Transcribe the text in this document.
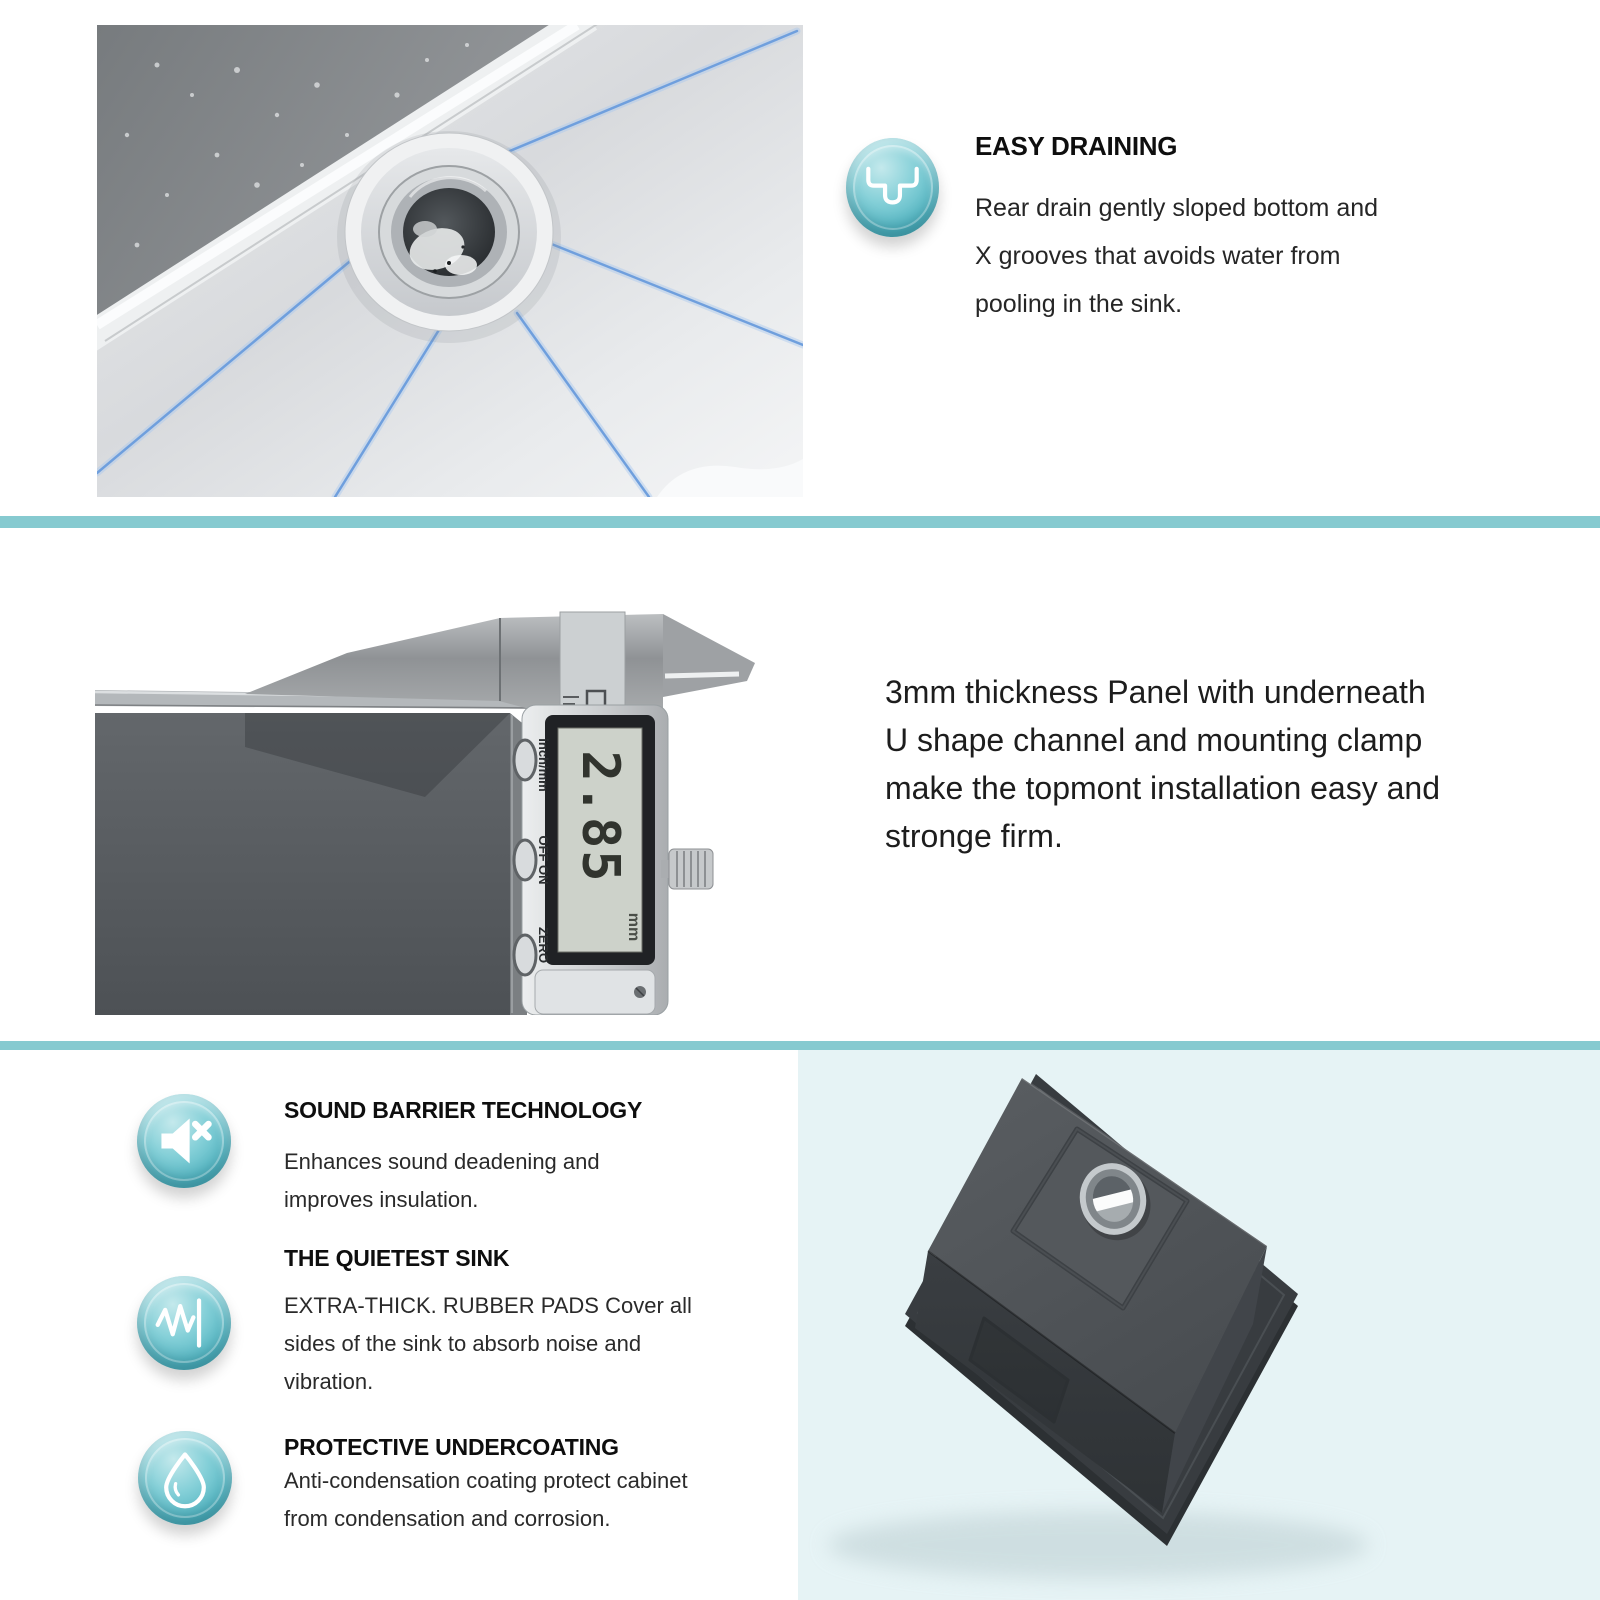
EASY DRAINING
Rear drain gently sloped bottom and
X grooves that avoids water from
pooling in the sink.
2.85
mm
inch/mm
OFF ON
ZERO
3mm thickness Panel with underneath
U shape channel and mounting clamp
make the topmont installation easy and
stronge firm.
SOUND BARRIER TECHNOLOGY
Enhances sound deadening and
improves insulation.
THE QUIETEST SINK
EXTRA-THICK. RUBBER PADS Cover all
sides of the sink to absorb noise and
vibration.
PROTECTIVE UNDERCOATING
Anti-condensation coating protect cabinet
from condensation and corrosion.
